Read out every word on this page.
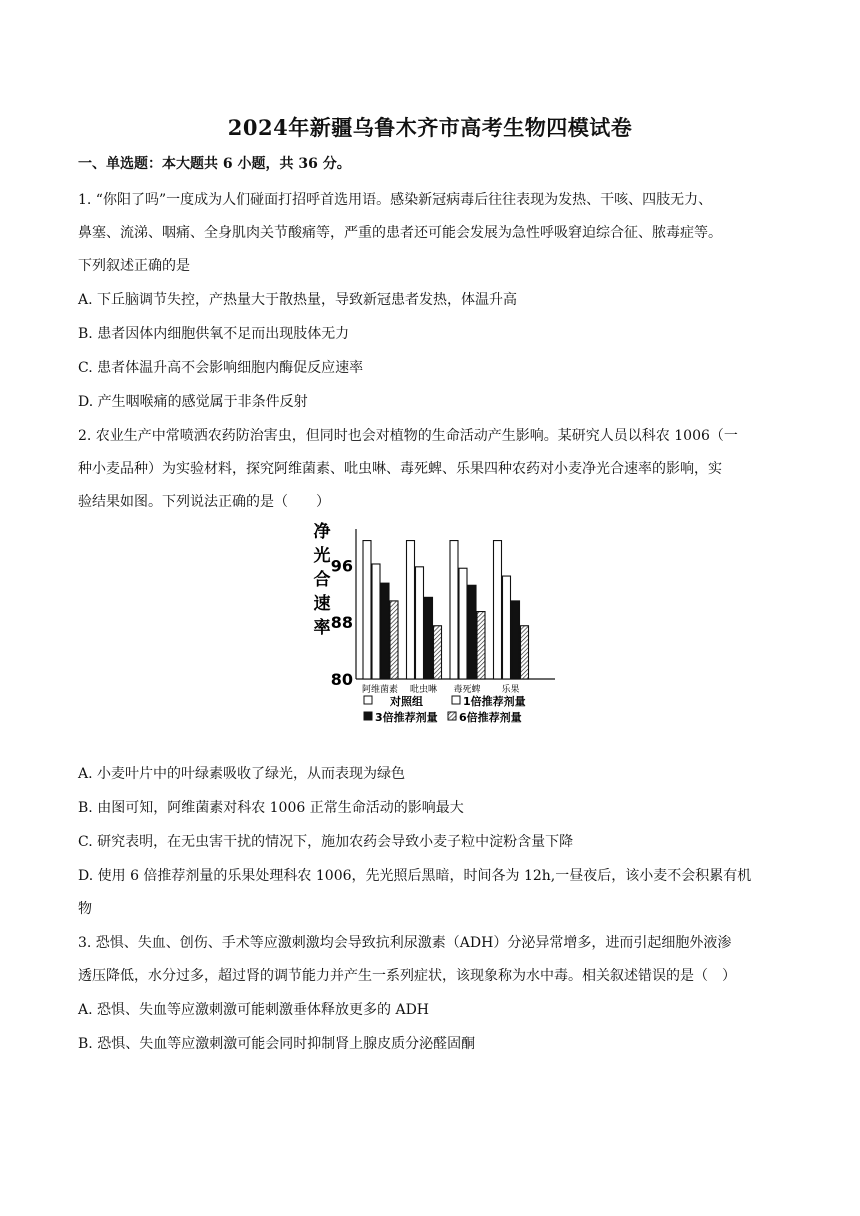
2024年新疆乌鲁木齐市高考生物四模试卷
一、单选题：本大题共 6 小题，共 36 分。
1. “你阳了吗”一度成为人们碰面打招呼首选用语。感染新冠病毒后往往表现为发热、干咳、四肢无力、
鼻塞、流涕、咽痛、全身肌肉关节酸痛等，严重的患者还可能会发展为急性呼吸窘迫综合征、脓毒症等。
下列叙述正确的是
A. 下丘脑调节失控，产热量大于散热量，导致新冠患者发热，体温升高
B. 患者因体内细胞供氧不足而出现肢体无力
C. 患者体温升高不会影响细胞内酶促反应速率
D. 产生咽喉痛的感觉属于非条件反射
2. 农业生产中常喷洒农药防治害虫，但同时也会对植物的生命活动产生影响。某研究人员以科农 1006（一
种小麦品种）为实验材料，探究阿维菌素、吡虫啉、毒死蜱、乐果四种农药对小麦净光合速率的影响，实
验结果如图。下列说法正确的是（　　）
净
光
合
速
率
80
88
96
阿维菌素 吡虫啉 毒死蜱 乐果
对照组	1倍推荐剂量
3倍推荐剂量 6倍推荐剂量
A. 小麦叶片中的叶绿素吸收了绿光，从而表现为绿色
B. 由图可知，阿维菌素对科农 1006 正常生命活动的影响最大
C. 研究表明，在无虫害干扰的情况下，施加农药会导致小麦子粒中淀粉含量下降
D. 使用 6 倍推荐剂量的乐果处理科农 1006，先光照后黑暗，时间各为 12h,一昼夜后，该小麦不会积累有机
物
3. 恐惧、失血、创伤、手术等应激刺激均会导致抗利尿激素（ADH）分泌异常增多，进而引起细胞外液渗
透压降低，水分过多，超过肾的调节能力并产生一系列症状，该现象称为水中毒。相关叙述错误的是（　）
A. 恐惧、失血等应激刺激可能刺激垂体释放更多的 ADH
B. 恐惧、失血等应激刺激可能会同时抑制肾上腺皮质分泌醛固酮
